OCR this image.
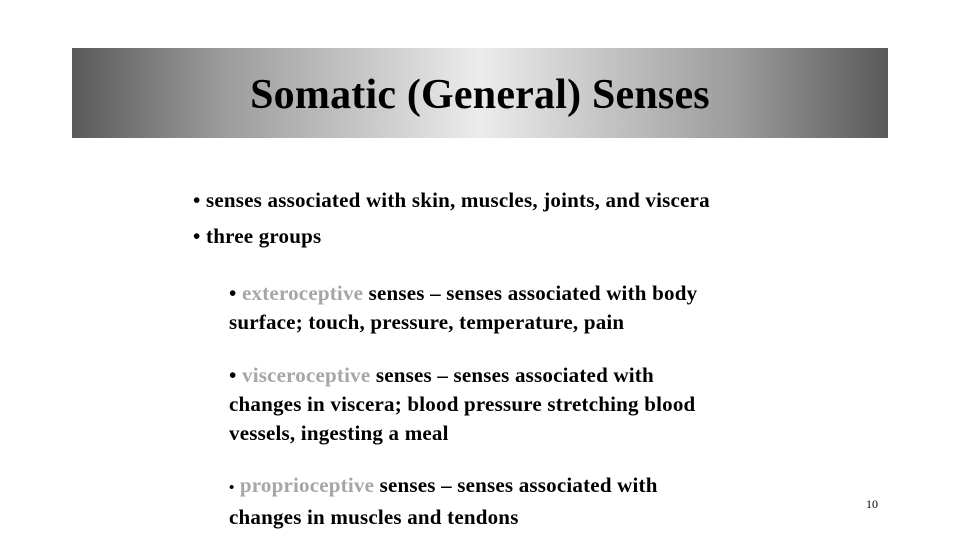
Somatic (General) Senses
• senses associated with skin, muscles, joints, and viscera
• three groups
• exteroceptive senses – senses associated with body
surface; touch, pressure, temperature, pain
• visceroceptive senses – senses associated with
changes in viscera; blood pressure stretching blood
vessels, ingesting a meal
• proprioceptive senses – senses associated with
changes in muscles and tendons
10
